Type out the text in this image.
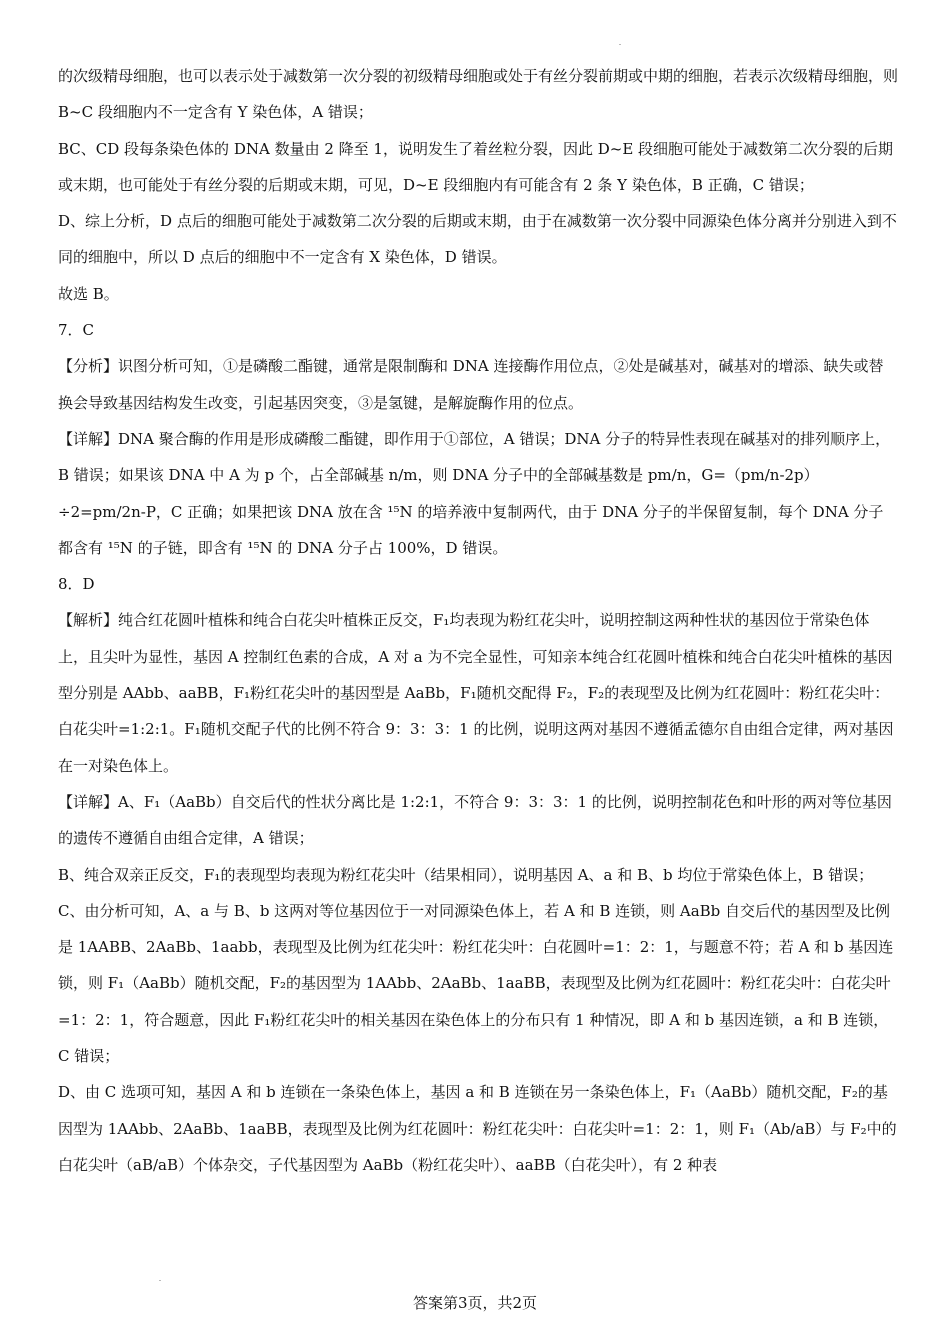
的次级精母细胞，也可以表示处于减数第一次分裂的初级精母细胞或处于有丝分裂前期或中期的细胞，若表示次级精母细胞，则 B~C 段细胞内不一定含有 Y 染色体，A 错误；

BC、CD 段每条染色体的 DNA 数量由 2 降至 1，说明发生了着丝粒分裂，因此 D~E 段细胞可能处于减数第二次分裂的后期或末期，也可能处于有丝分裂的后期或末期，可见，D~E 段细胞内有可能含有 2 条 Y 染色体，B 正确，C 错误；

D、综上分析，D 点后的细胞可能处于减数第二次分裂的后期或末期，由于在减数第一次分裂中同源染色体分离并分别进入到不同的细胞中，所以 D 点后的细胞中不一定含有 X 染色体，D 错误。

故选 B。

7．C

【分析】识图分析可知，①是磷酸二酯键，通常是限制酶和 DNA 连接酶作用位点，②处是碱基对，碱基对的增添、缺失或替换会导致基因结构发生改变，引起基因突变，③是氢键，是解旋酶作用的位点。

【详解】DNA 聚合酶的作用是形成磷酸二酯键，即作用于①部位，A 错误；DNA 分子的特异性表现在碱基对的排列顺序上，B 错误；如果该 DNA 中 A 为 p 个，占全部碱基 n/m，则 DNA 分子中的全部碱基数是 pm/n，G=（pm/n-2p）÷2=pm/2n-P，C 正确；如果把该 DNA 放在含 ¹⁵N 的培养液中复制两代，由于 DNA 分子的半保留复制，每个 DNA 分子都含有 ¹⁵N 的子链，即含有 ¹⁵N 的 DNA 分子占 100%，D 错误。

8．D

【解析】纯合红花圆叶植株和纯合白花尖叶植株正反交，F₁均表现为粉红花尖叶，说明控制这两种性状的基因位于常染色体上，且尖叶为显性，基因 A 控制红色素的合成，A 对 a 为不完全显性，可知亲本纯合红花圆叶植株和纯合白花尖叶植株的基因型分别是 AAbb、aaBB，F₁粉红花尖叶的基因型是 AaBb，F₁随机交配得 F₂，F₂的表现型及比例为红花圆叶：粉红花尖叶：白花尖叶=1:2:1。F₁随机交配子代的比例不符合 9：3：3：1 的比例，说明这两对基因不遵循孟德尔自由组合定律，两对基因在一对染色体上。

【详解】A、F₁（AaBb）自交后代的性状分离比是 1:2:1，不符合 9：3：3：1 的比例，说明控制花色和叶形的两对等位基因的遗传不遵循自由组合定律，A 错误；

B、纯合双亲正反交，F₁的表现型均表现为粉红花尖叶（结果相同），说明基因 A、a 和 B、b 均位于常染色体上，B 错误；

C、由分析可知，A、a 与 B、b 这两对等位基因位于一对同源染色体上，若 A 和 B 连锁，则 AaBb 自交后代的基因型及比例是 1AABB、2AaBb、1aabb，表现型及比例为红花尖叶：粉红花尖叶：白花圆叶=1：2：1，与题意不符；若 A 和 b 基因连锁，则 F₁（AaBb）随机交配，F₂的基因型为 1AAbb、2AaBb、1aaBB，表现型及比例为红花圆叶：粉红花尖叶：白花尖叶=1：2：1，符合题意，因此 F₁粉红花尖叶的相关基因在染色体上的分布只有 1 种情况，即 A 和 b 基因连锁，a 和 B 连锁，C 错误；

D、由 C 选项可知，基因 A 和 b 连锁在一条染色体上，基因 a 和 B 连锁在另一条染色体上，F₁（AaBb）随机交配，F₂的基因型为 1AAbb、2AaBb、1aaBB，表现型及比例为红花圆叶：粉红花尖叶：白花尖叶=1：2：1，则 F₁（Ab/aB）与 F₂中的白花尖叶（aB/aB）个体杂交，子代基因型为 AaBb（粉红花尖叶）、aaBB（白花尖叶），有 2 种表

答案第3页，共2页
